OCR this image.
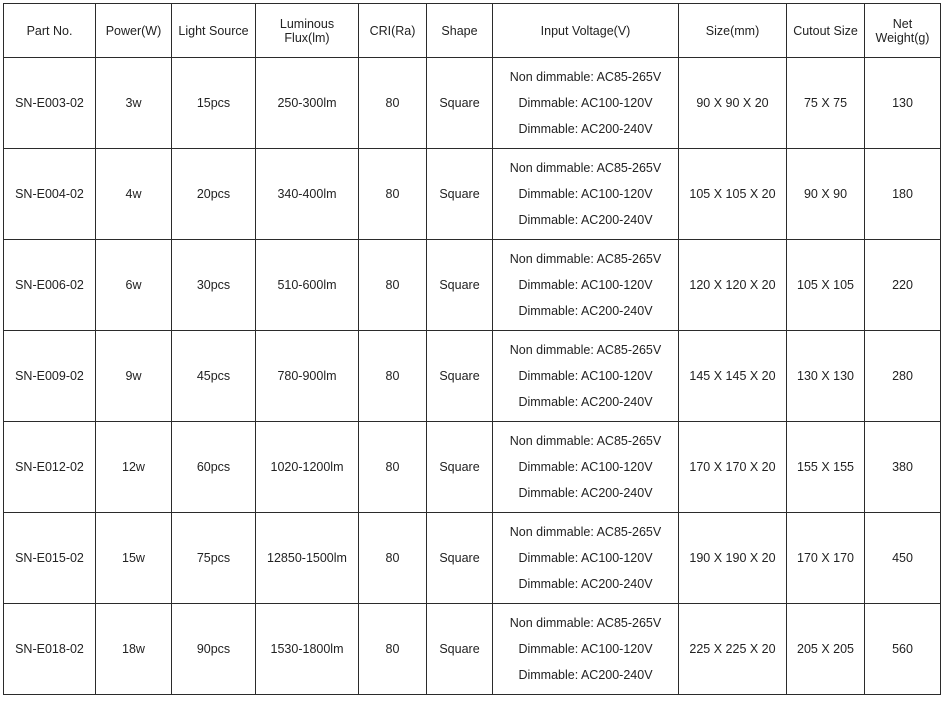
Part No.	Power(W)	Light Source	Luminous Flux(lm)	CRI(Ra)	Shape	Input Voltage(V)	Size(mm)	Cutout Size	Net Weight(g)
SN-E003-02	3w	15pcs	250-300lm	80	Square	Non dimmable: AC85-265V
Dimmable: AC100-120V
Dimmable: AC200-240V	90 X 90 X 20	75 X 75	130
SN-E004-02	4w	20pcs	340-400lm	80	Square	Non dimmable: AC85-265V
Dimmable: AC100-120V
Dimmable: AC200-240V	105 X 105 X 20	90 X 90	180
SN-E006-02	6w	30pcs	510-600lm	80	Square	Non dimmable: AC85-265V
Dimmable: AC100-120V
Dimmable: AC200-240V	120 X 120 X 20	105 X 105	220
SN-E009-02	9w	45pcs	780-900lm	80	Square	Non dimmable: AC85-265V
Dimmable: AC100-120V
Dimmable: AC200-240V	145 X 145 X 20	130 X 130	280
SN-E012-02	12w	60pcs	1020-1200lm	80	Square	Non dimmable: AC85-265V
Dimmable: AC100-120V
Dimmable: AC200-240V	170 X 170 X 20	155 X 155	380
SN-E015-02	15w	75pcs	12850-1500lm	80	Square	Non dimmable: AC85-265V
Dimmable: AC100-120V
Dimmable: AC200-240V	190 X 190 X 20	170 X 170	450
SN-E018-02	18w	90pcs	1530-1800lm	80	Square	Non dimmable: AC85-265V
Dimmable: AC100-120V
Dimmable: AC200-240V	225 X 225 X 20	205 X 205	560
